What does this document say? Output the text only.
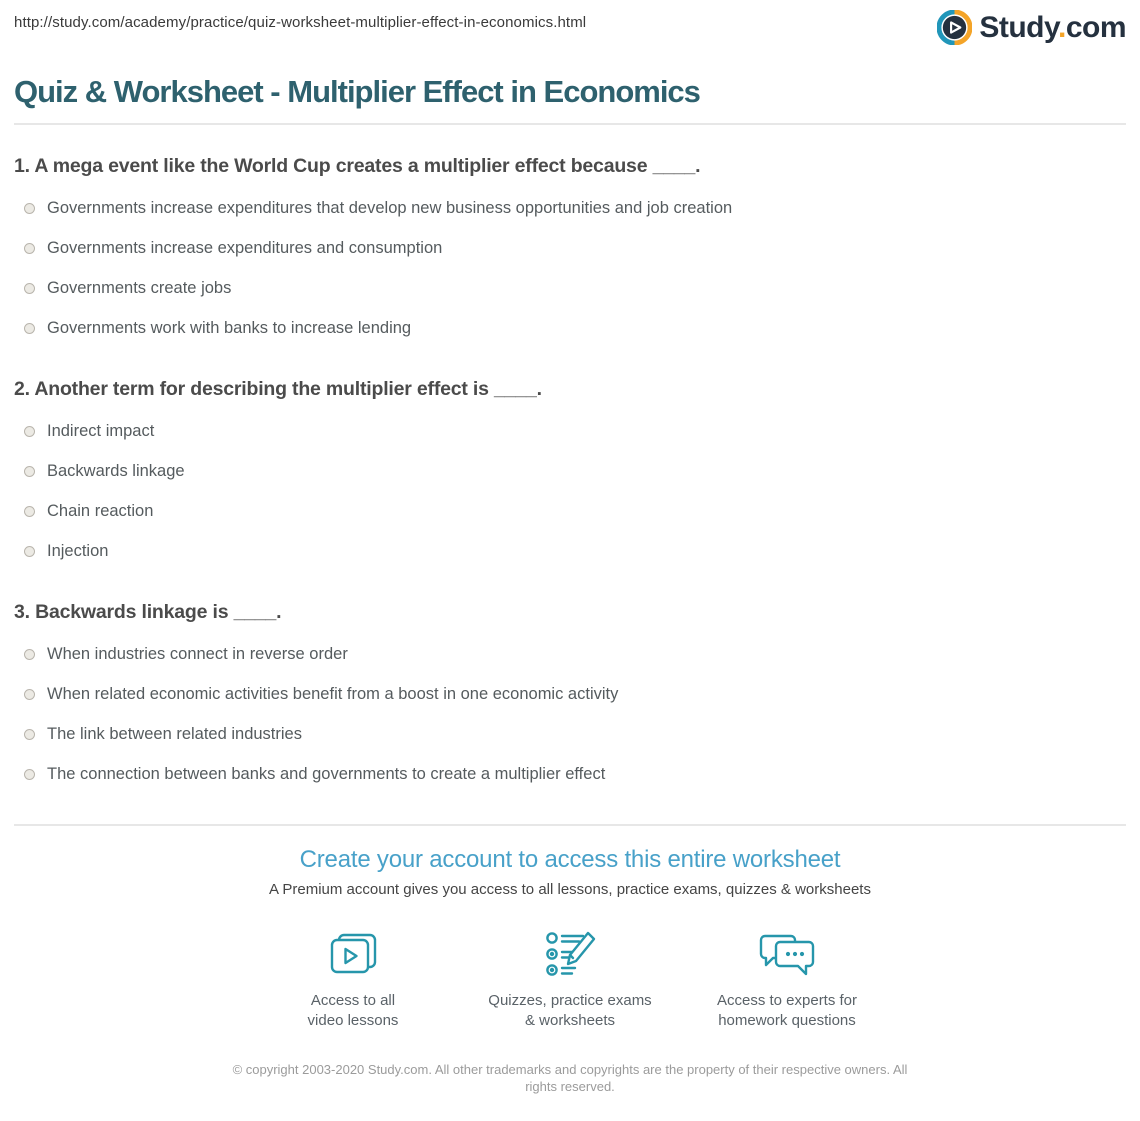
http://study.com/academy/practice/quiz-worksheet-multiplier-effect-in-economics.html	Study.com
Quiz & Worksheet - Multiplier Effect in Economics
1. A mega event like the World Cup creates a multiplier effect because ____.
Governments increase expenditures that develop new business opportunities and job creation
Governments increase expenditures and consumption
Governments create jobs
Governments work with banks to increase lending
2. Another term for describing the multiplier effect is ____.
Indirect impact
Backwards linkage
Chain reaction
Injection
3. Backwards linkage is ____.
When industries connect in reverse order
When related economic activities benefit from a boost in one economic activity
The link between related industries
The connection between banks and governments to create a multiplier effect
Create your account to access this entire worksheet
A Premium account gives you access to all lessons, practice exams, quizzes & worksheets
Access to all
video lessons
Quizzes, practice exams
& worksheets
Access to experts for
homework questions
© copyright 2003-2020 Study.com. All other trademarks and copyrights are the property of their respective owners. All rights reserved.
